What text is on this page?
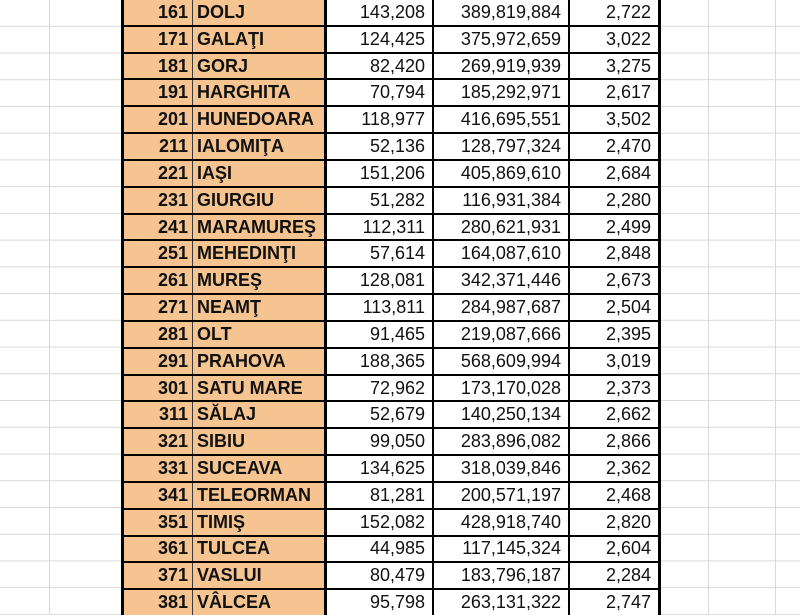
161 DOLJ	143,208	389,819,884	2,722
171 GALAŢI	124,425	375,972,659	3,022
181 GORJ	82,420	269,919,939	3,275
191 HARGHITA	70,794	185,292,971	2,617
201 HUNEDOARA	118,977	416,695,551	3,502
211 IALOMIŢA	52,136	128,797,324	2,470
221 IAŞI	151,206	405,869,610	2,684
231 GIURGIU	51,282	116,931,384	2,280
241 MARAMUREŞ	112,311	280,621,931	2,499
251 MEHEDINŢI	57,614	164,087,610	2,848
261 MUREŞ	128,081	342,371,446	2,673
271 NEAMŢ	113,811	284,987,687	2,504
281 OLT	91,465	219,087,666	2,395
291 PRAHOVA	188,365	568,609,994	3,019
301 SATU MARE	72,962	173,170,028	2,373
311 SĂLAJ	52,679	140,250,134	2,662
321 SIBIU	99,050	283,896,082	2,866
331 SUCEAVA	134,625	318,039,846	2,362
341 TELEORMAN	81,281	200,571,197	2,468
351 TIMIŞ	152,082	428,918,740	2,820
361 TULCEA	44,985	117,145,324	2,604
371 VASLUI	80,479	183,796,187	2,284
381 VÂLCEA	95,798	263,131,322	2,747
